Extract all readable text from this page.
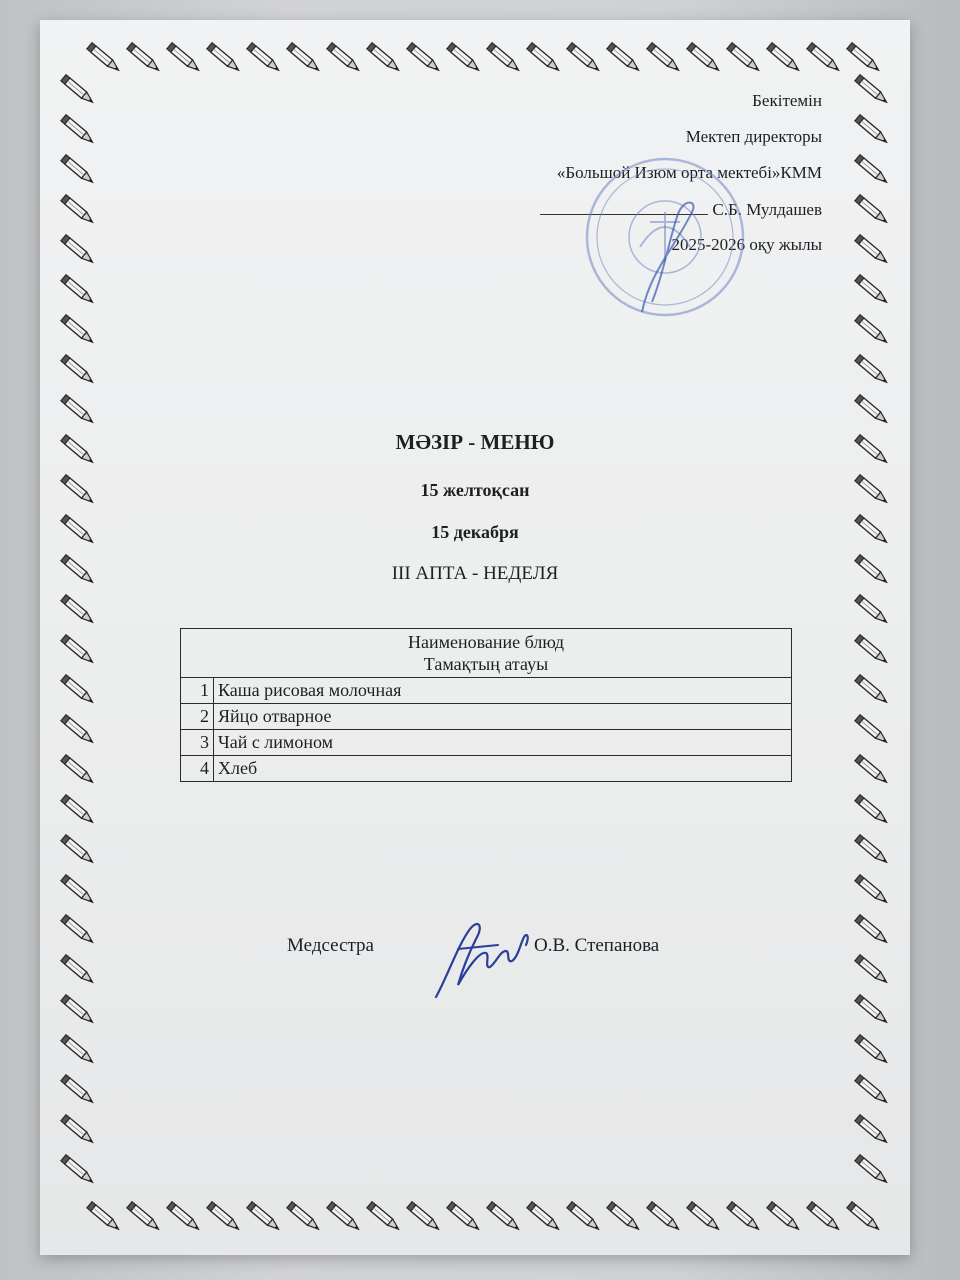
Бекітемін
Мектеп директоры
«Большой Изюм орта мектебі»КММ
С.Б. Мулдашев
2025-2026 оқу жылы
МӘЗІР - МЕНЮ
15 желтоқсан
15 декабря
III АПТА - НЕДЕЛЯ
Наименование блюд
Тамақтың атауы	

1	Каша рисовая молочная
2	Яйцо отварное
3	Чай с лимоном
4	Хлеб
Медсестра	О.В. Степанова
